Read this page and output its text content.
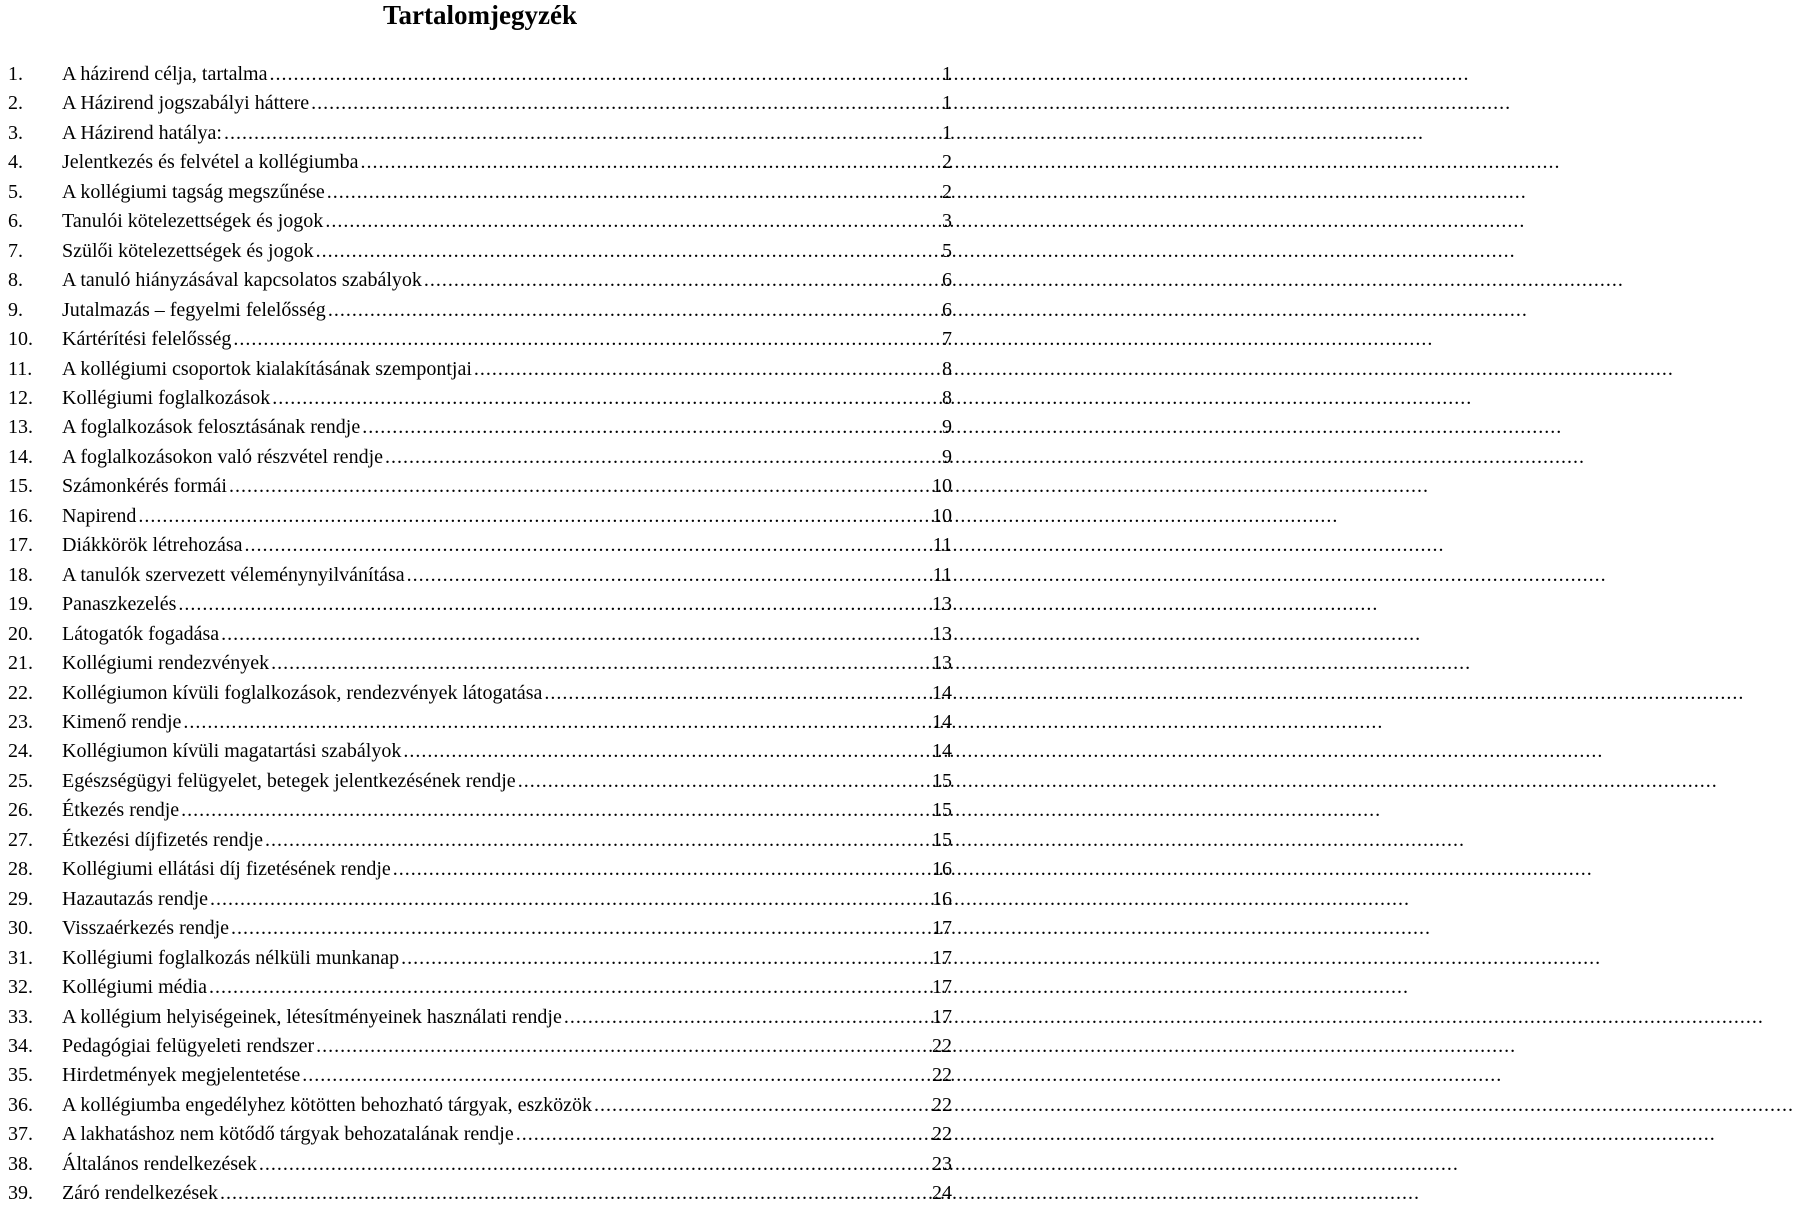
Tartalomjegyzék
1.	A házirend célja, tartalma .....	1
2.	A Házirend jogszabályi háttere .....	1
3.	A Házirend hatálya: .....	1
4.	Jelentkezés és felvétel a kollégiumba .....	2
5.	A kollégiumi tagság megszűnése .....	2
6.	Tanulói kötelezettségek és jogok .....	3
7.	Szülői kötelezettségek és jogok .....	5
8.	A tanuló hiányzásával kapcsolatos szabályok .....	6
9.	Jutalmazás – fegyelmi felelősség .....	6
10.	Kártérítési felelősség .....	7
11.	A kollégiumi csoportok kialakításának szempontjai .....	8
12.	Kollégiumi foglalkozások .....	8
13.	A foglalkozások felosztásának rendje .....	9
14.	A foglalkozásokon való részvétel rendje .....	9
15.	Számonkérés formái .....	10
16.	Napirend .....	10
17.	Diákkörök létrehozása .....	11
18.	A tanulók szervezett véleménynyilvánítása .....	11
19.	Panaszkezelés .....	13
20.	Látogatók fogadása .....	13
21.	Kollégiumi rendezvények .....	13
22.	Kollégiumon kívüli foglalkozások, rendezvények látogatása .....	14
23.	Kimenő rendje .....	14
24.	Kollégiumon kívüli magatartási szabályok .....	14
25.	Egészségügyi felügyelet, betegek jelentkezésének rendje .....	15
26.	Étkezés rendje .....	15
27.	Étkezési díjfizetés rendje .....	15
28.	Kollégiumi ellátási díj fizetésének rendje .....	16
29.	Hazautazás rendje .....	16
30.	Visszaérkezés rendje .....	17
31.	Kollégiumi foglalkozás nélküli munkanap .....	17
32.	Kollégiumi média .....	17
33.	A kollégium helyiségeinek, létesítményeinek használati rendje .....	17
34.	Pedagógiai felügyeleti rendszer .....	22
35.	Hirdetmények megjelentetése .....	22
36.	A kollégiumba engedélyhez kötötten behozható tárgyak, eszközök .....	22
37.	A lakhatáshoz nem kötődő tárgyak behozatalának rendje .....	22
38.	Általános rendelkezések .....	23
39.	Záró rendelkezések .....	24
